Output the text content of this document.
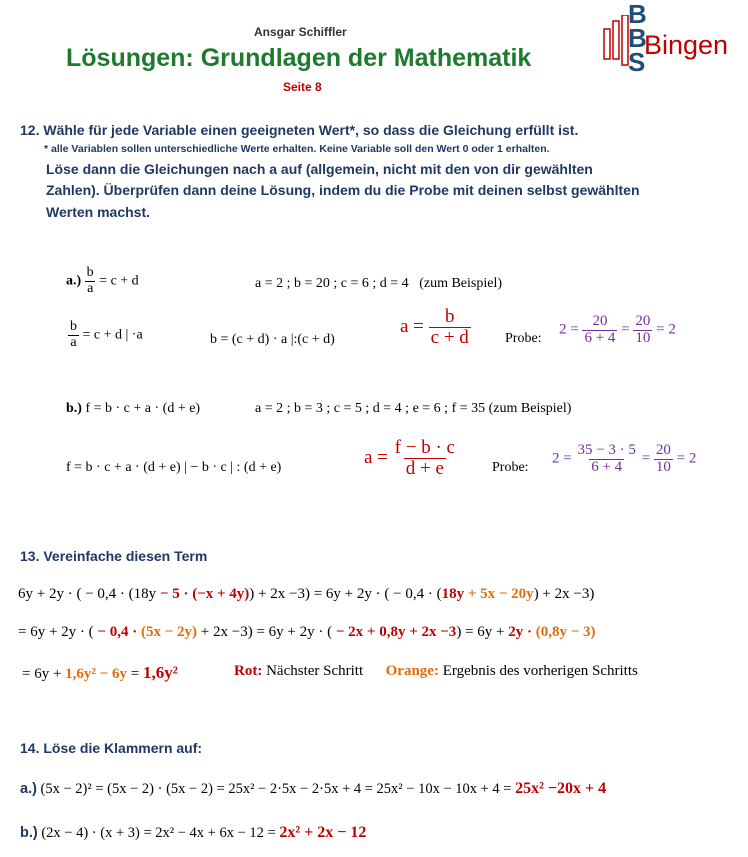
Ansgar Schiffler
Lösungen: Grundlagen der Mathematik
Seite 8
B
B
S
Bingen
12. Wähle für jede Variable einen geeigneten Wert*, so dass die Gleichung erfüllt ist.
* alle Variablen sollen unterschiedliche Werte erhalten. Keine Variable soll den Wert 0 oder 1 erhalten.
Löse dann die Gleichungen nach a auf (allgemein, nicht mit den von dir gewählten
Zahlen). Überprüfen dann deine Lösung, indem du die Probe mit deinen selbst gewählten
Werten machst.
$a.) \frac{b}{a} = c + d$	a = 2 ; b = 20 ; c = 6 ; d = 4 (zum Beispiel)
$\frac{b}{a} = c + d$ | ·a	b = (c + d) · a |:(c + d)
$a = \frac{b}{c + d}$ Probe:
$2 = \frac{20}{6 + 4} = \frac{20}{10} = 2$
b.) f = b · c + a · (d + e)	a = 2 ; b = 3 ; c = 5 ; d = 4 ; e = 6 ; f = 35 (zum Beispiel)
f = b · c + a · (d + e) | − b · c | : (d + e)	$a = \frac{f - b \cdot c}{d + e}$	Probe:
$2 = \frac{35 - 3 \cdot 5}{6 + 4} = \frac{20}{10} = 2$
13. Vereinfache diesen Term
6y + 2y · ( − 0,4 · (18y − 5 · (−x + 4y)) + 2x −3) = 6y + 2y · ( − 0,4 · (18y + 5x − 20y) + 2x −3)
= 6y + 2y · ( − 0,4 · (5x − 2y) + 2x −3) = 6y + 2y · ( − 2x + 0,8y + 2x −3) = 6y + 2y · (0,8y − 3)
= 6y + 1,6y² − 6y = 1,6y²	Rot: Nächster Schritt Orange: Ergebnis des vorherigen Schritts
14. Löse die Klammern auf:
a.) (5x − 2)² = (5x − 2) · (5x − 2) = 25x² − 2·5x − 2·5x + 4 = 25x² − 10x − 10x + 4 = 25x² −20x + 4
b.) (2x − 4) · (x + 3) = 2x² − 4x + 6x − 12 = 2x² + 2x − 12
